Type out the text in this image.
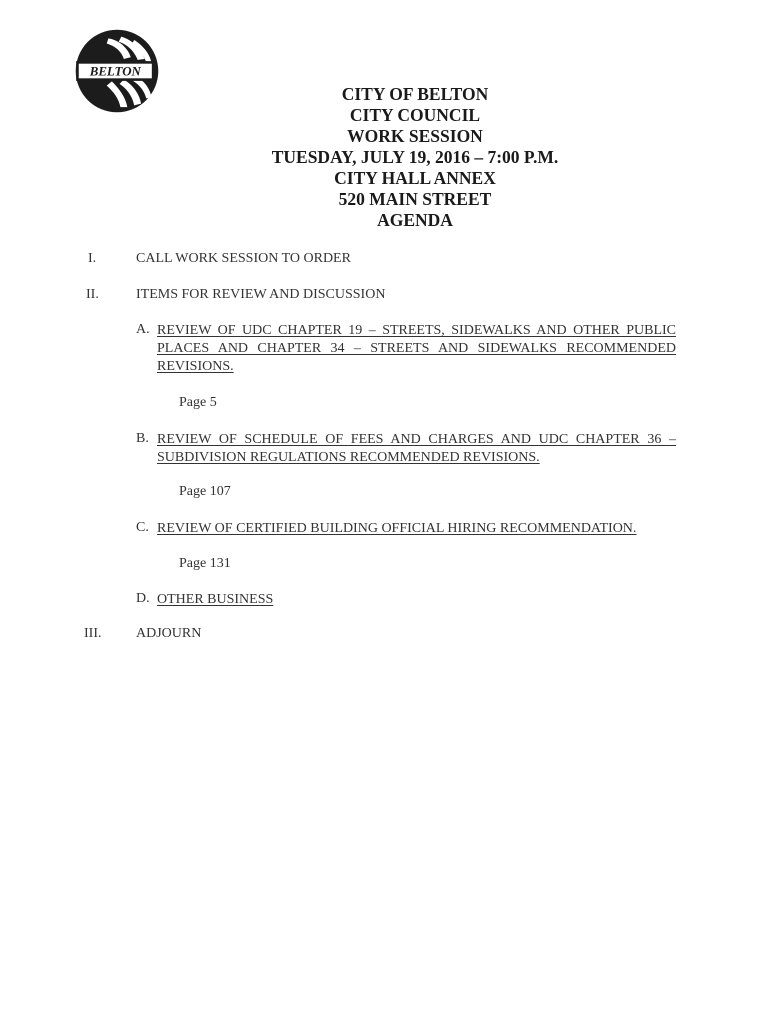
BELTON
CITY OF BELTON
CITY COUNCIL
WORK SESSION
TUESDAY, JULY 19, 2016 – 7:00 P.M.
CITY HALL ANNEX
520 MAIN STREET
AGENDA
I.	CALL WORK SESSION TO ORDER
II.	ITEMS FOR REVIEW AND DISCUSSION
A. REVIEW OF UDC CHAPTER 19 – STREETS, SIDEWALKS AND OTHER PUBLIC PLACES AND CHAPTER 34 – STREETS AND SIDEWALKS RECOMMENDED REVISIONS.
Page 5
B. REVIEW OF SCHEDULE OF FEES AND CHARGES AND UDC CHAPTER 36 – SUBDIVISION REGULATIONS RECOMMENDED REVISIONS.
Page 107
C. REVIEW OF CERTIFIED BUILDING OFFICIAL HIRING RECOMMENDATION.
Page 131
D. OTHER BUSINESS
III.	ADJOURN
